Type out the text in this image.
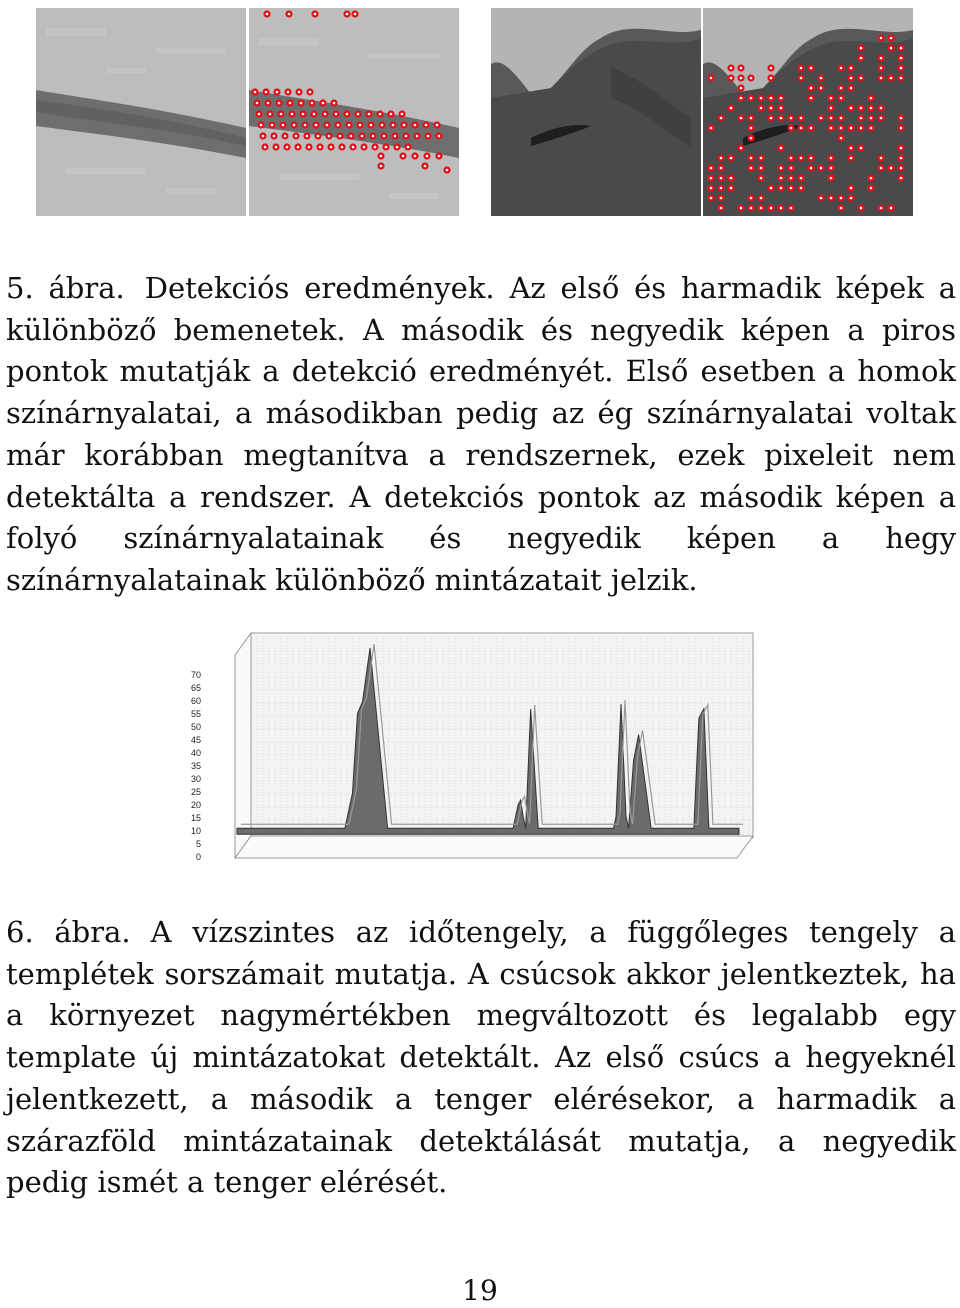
5. ábra. Detekciós eredmények. Az első és harmadik képek a különböző bemenetek. A második és negyedik képen a piros pontok mutatják a detekció eredményét. Első esetben a homok színárnyalatai, a másodikban pedig az ég színárnyalatai voltak már korábban megtanítva a rendszernek, ezek pixeleit nem detektálta a rendszer. A detekciós pontok az második képen a folyó színárnyalatainak és negyedik képen a hegy színárnyalatainak különböző mintázatait jelzik.

0
5
10
15
20
25
30
35
40
45
50
55
60
65
70

6. ábra. A vízszintes az időtengely, a függőleges tengely a templétek sorszámait mutatja. A csúcsok akkor jelentkeztek, ha a környezet nagymértékben megváltozott és legalabb egy template új mintázatokat detektált. Az első csúcs a hegyeknél jelentkezett, a második a tenger elérésekor, a harmadik a szárazföld mintázatainak detektálását mutatja, a negyedik pedig ismét a tenger elérését.

19
